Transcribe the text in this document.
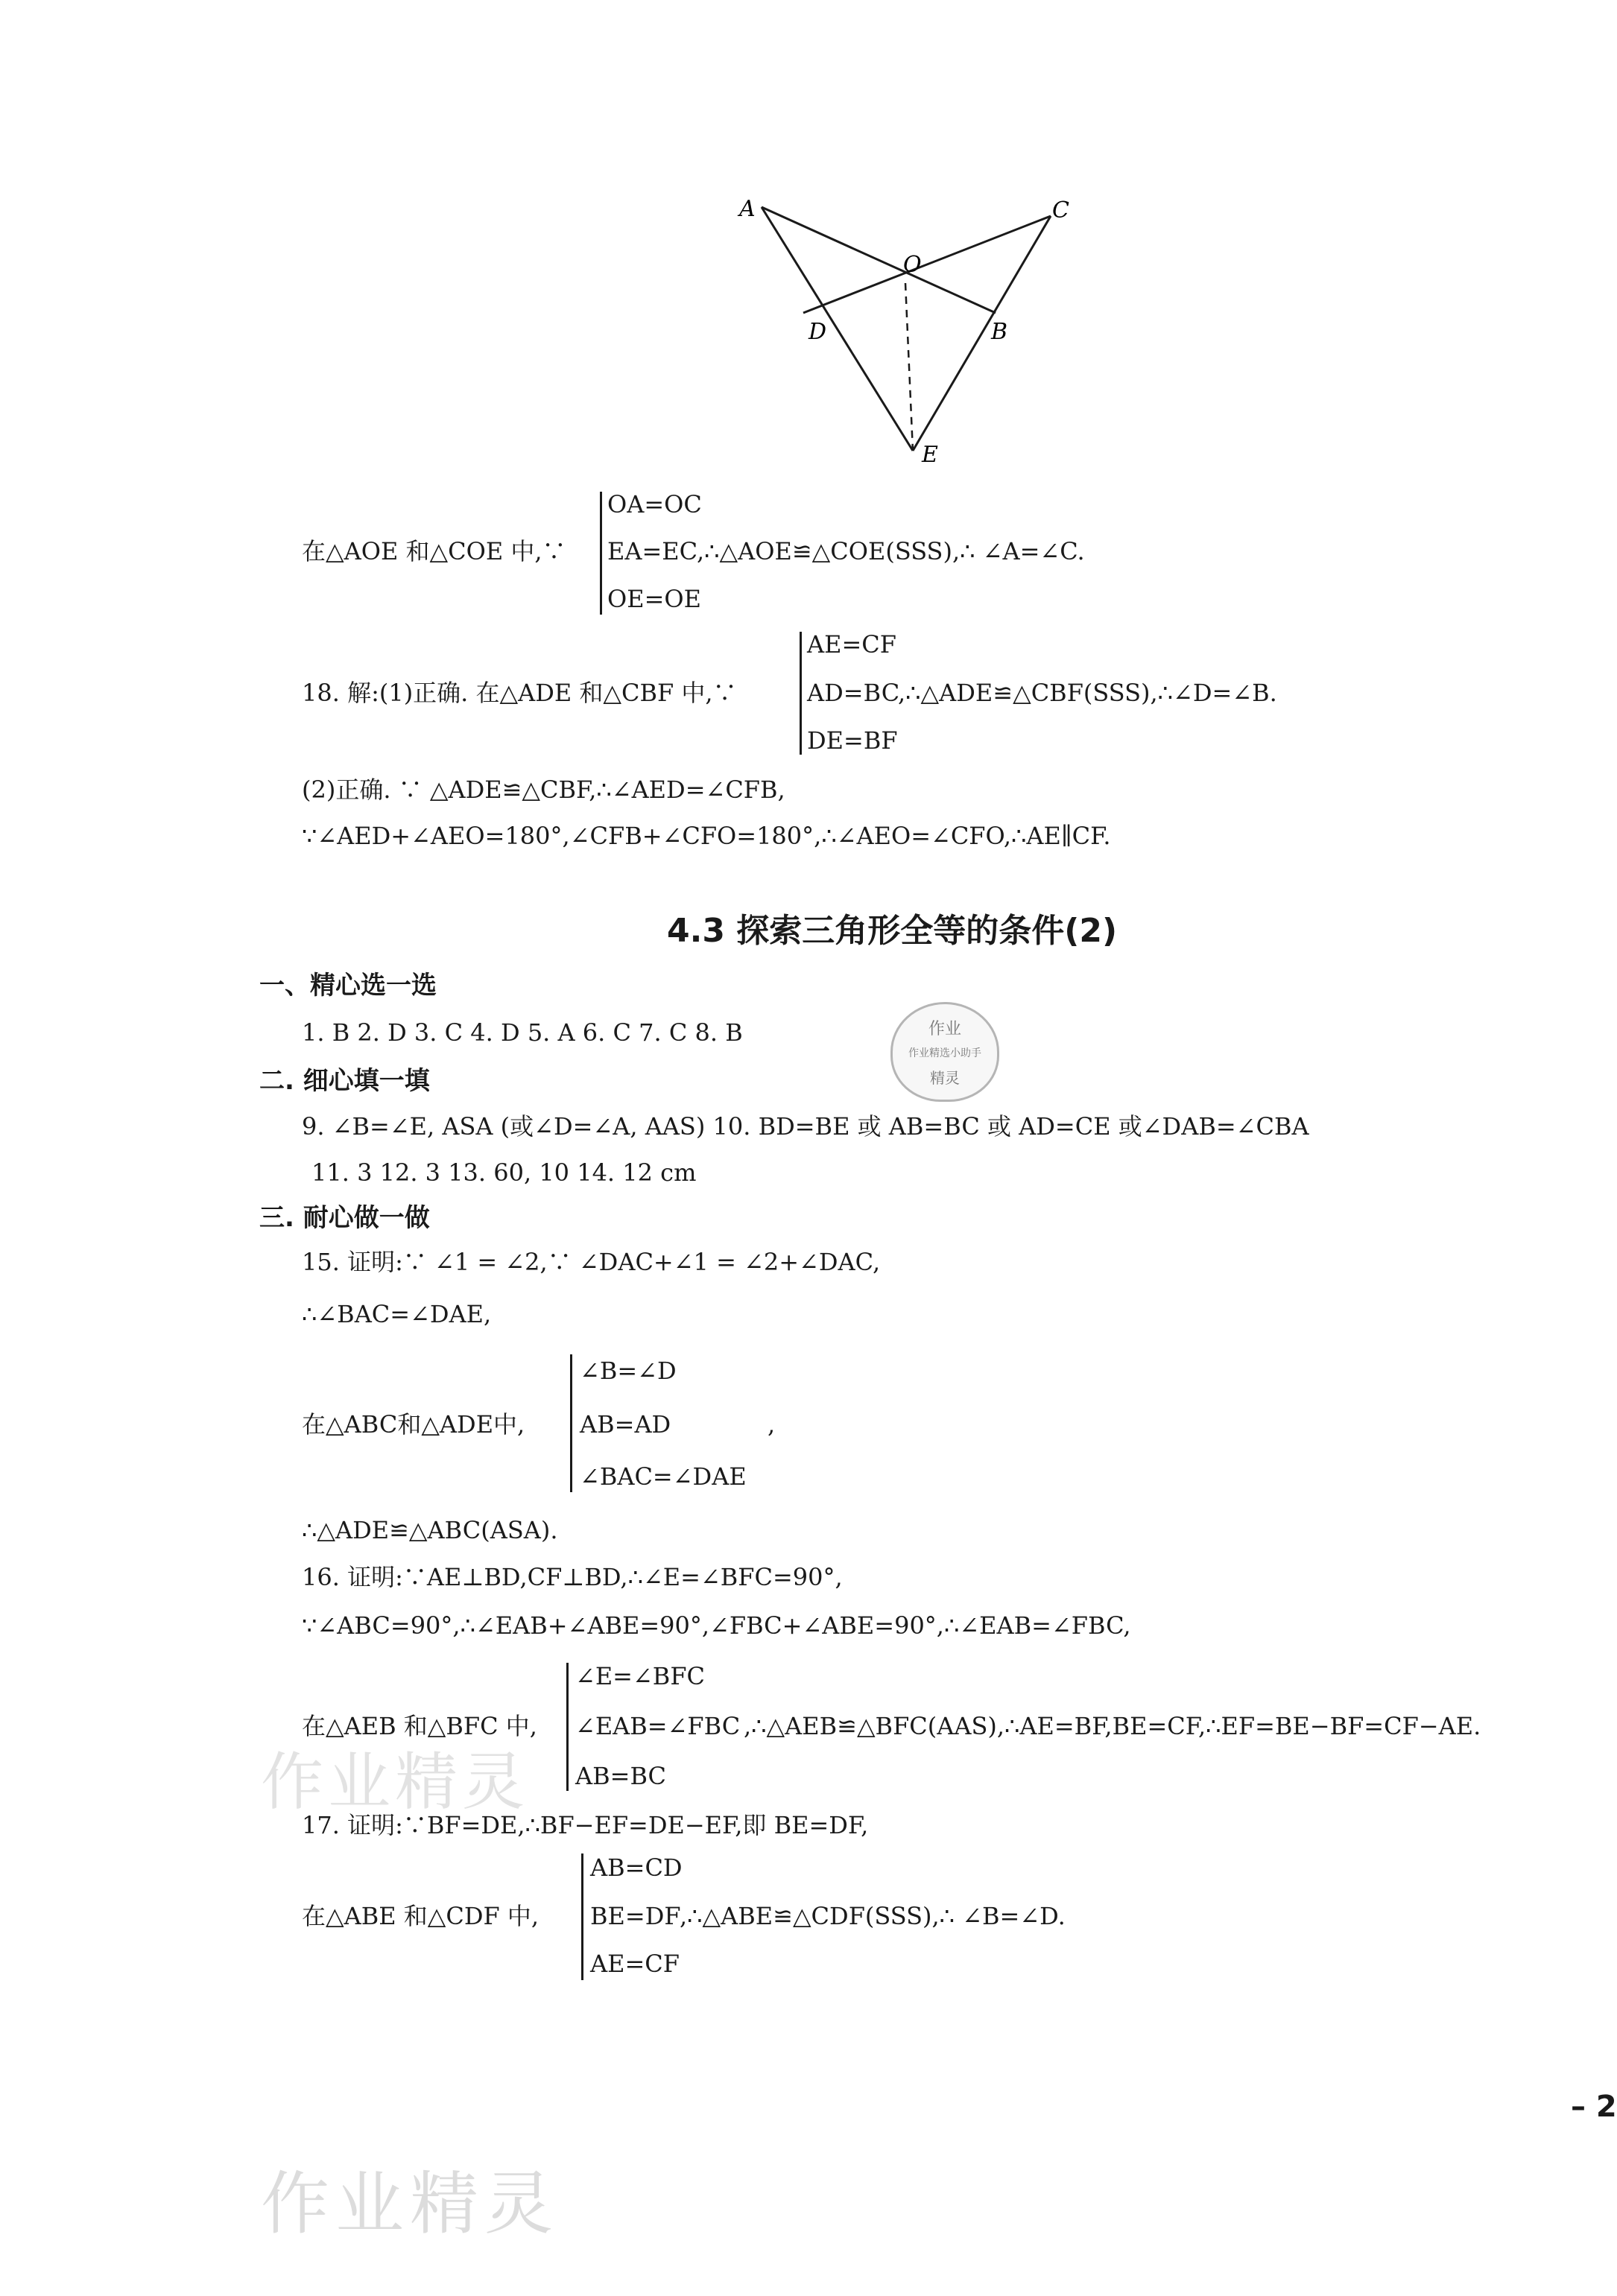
A	C
O
D	B
E
在△AOE 和△COE 中,∵
OA=OC
EA=EC
OE=OE
,∴△AOE≌△COE(SSS),∴ ∠A=∠C.
18. 解:(1)正确. 在△ADE 和△CBF 中,∵
AE=CF
AD=BC
DE=BF
,∴△ADE≌△CBF(SSS),∴∠D=∠B.
(2)正确. ∵ △ADE≌△CBF,∴∠AED=∠CFB,
∵∠AED+∠AEO=180°,∠CFB+∠CFO=180°,∴∠AEO=∠CFO,∴AE∥CF.
4.3 探索三角形全等的条件(2)
一、精心选一选
1. B 2. D 3. C 4. D 5. A 6. C 7. C 8. B	作业
作业精选小助手
精灵
二. 细心填一填
9. ∠B=∠E, ASA (或∠D=∠A, AAS) 10. BD=BE 或 AB=BC 或 AD=CE 或∠DAB=∠CBA
11. 3 12. 3 13. 60, 10 14. 12 cm
三. 耐心做一做
15. 证明:∵ ∠1 = ∠2,∵ ∠DAC+∠1 = ∠2+∠DAC,
∴∠BAC=∠DAE,
在△ABC和△ADE中,
∠B=∠D
AB=AD
∠BAC=∠DAE
,
∴△ADE≌△ABC(ASA).
16. 证明:∵AE⊥BD,CF⊥BD,∴∠E=∠BFC=90°,
∵∠ABC=90°,∴∠EAB+∠ABE=90°,∠FBC+∠ABE=90°,∴∠EAB=∠FBC,
在△AEB 和△BFC 中,
∠E=∠BFC
∠EAB=∠FBC
AB=BC
,∴△AEB≌△BFC(AAS),∴AE=BF,BE=CF,∴EF=BE−BF=CF−AE.
作业精灵
17. 证明:∵BF=DE,∴BF−EF=DE−EF,即 BE=DF,
在△ABE 和△CDF 中,
AB=CD
BE=DF
AE=CF
,∴△ABE≌△CDF(SSS),∴ ∠B=∠D.
– 2
作业精灵
